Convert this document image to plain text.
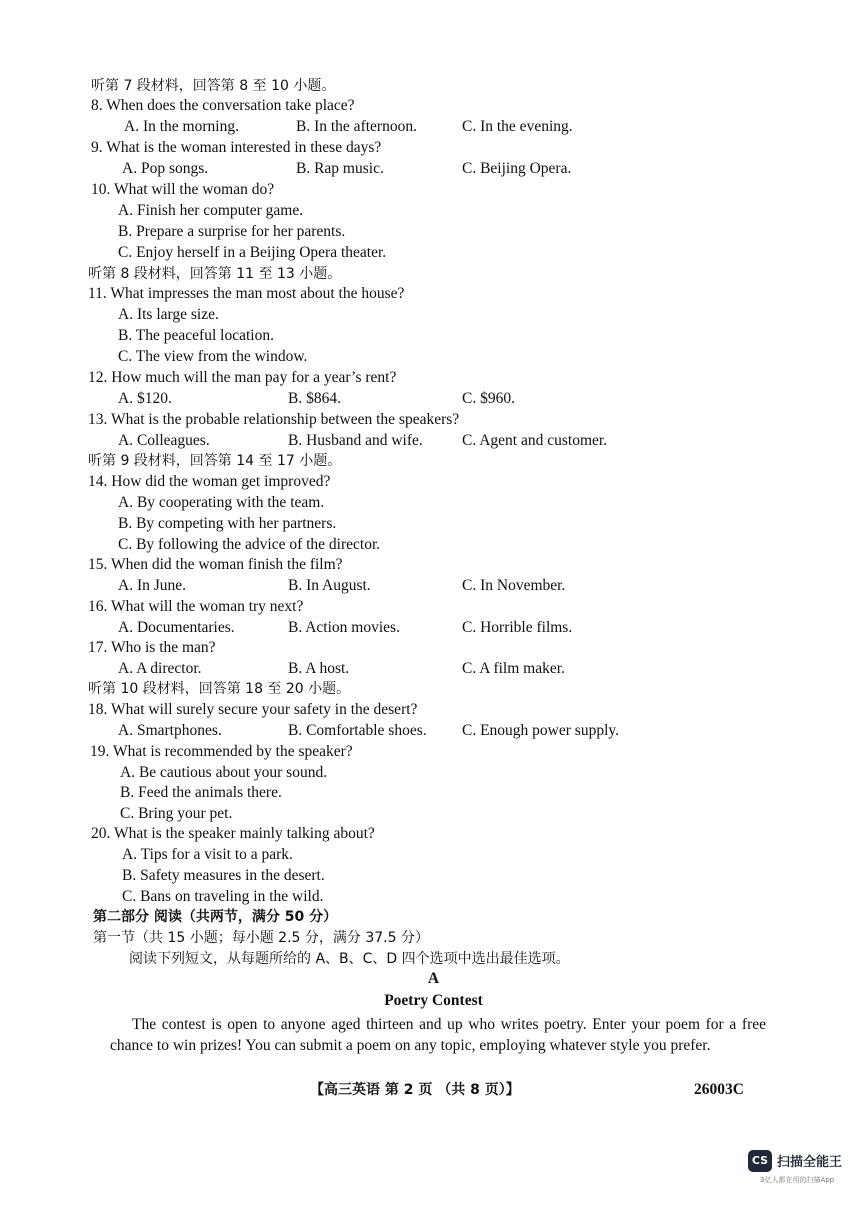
听第 7 段材料，回答第 8 至 10 小题。
8. When does the conversation take place?
A. In the morning.	B. In the afternoon.	C. In the evening.
9. What is the woman interested in these days?
A. Pop songs.	B. Rap music.	C. Beijing Opera.
10. What will the woman do?
A. Finish her computer game.
B. Prepare a surprise for her parents.
C. Enjoy herself in a Beijing Opera theater.
听第 8 段材料，回答第 11 至 13 小题。
11. What impresses the man most about the house?
A. Its large size.
B. The peaceful location.
C. The view from the window.
12. How much will the man pay for a year’s rent?
A. $120.	B. $864.	C. $960.
13. What is the probable relationship between the speakers?
A. Colleagues.	B. Husband and wife.	C. Agent and customer.
听第 9 段材料，回答第 14 至 17 小题。
14. How did the woman get improved?
A. By cooperating with the team.
B. By competing with her partners.
C. By following the advice of the director.
15. When did the woman finish the film?
A. In June.	B. In August.	C. In November.
16. What will the woman try next?
A. Documentaries.	B. Action movies.	C. Horrible films.
17. Who is the man?
A. A director.	B. A host.	C. A film maker.
听第 10 段材料，回答第 18 至 20 小题。
18. What will surely secure your safety in the desert?
A. Smartphones.	B. Comfortable shoes. C. Enough power supply.
19. What is recommended by the speaker?
A. Be cautious about your sound.
B. Feed the animals there.
C. Bring your pet.
20. What is the speaker mainly talking about?
A. Tips for a visit to a park.
B. Safety measures in the desert.
C. Bans on traveling in the wild.
第二部分 阅读（共两节，满分 50 分）
第一节（共 15 小题；每小题 2.5 分，满分 37.5 分）
阅读下列短文，从每题所给的 A、B、C、D 四个选项中选出最佳选项。
A
Poetry Contest
The contest is open to anyone aged thirteen and up who writes poetry. Enter your poem for a free chance to win prizes! You can submit a poem on any topic, employing whatever style you prefer.
【高三英语 第 2 页 （共 8 页）】	26003C
CS 扫描全能王
3亿人都在用的扫描App
